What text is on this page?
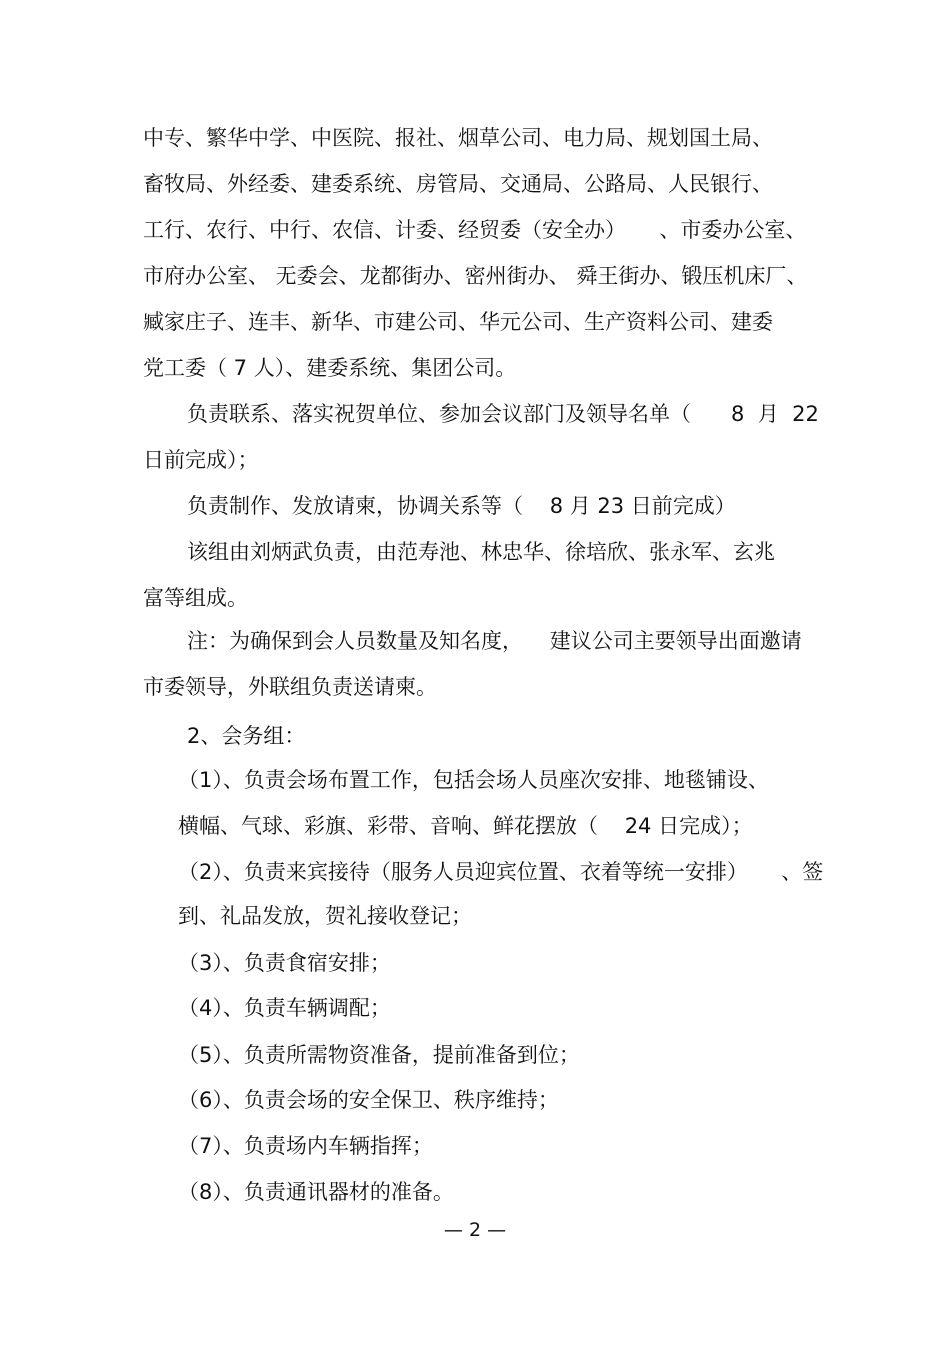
中专、繁华中学、中医院、报社、烟草公司、电力局、规划国土局、
畜牧局、外经委、建委系统、房管局、交通局、公路局、人民银行、
工行、农行、中行、农信、计委、经贸委（安全办）     、市委办公室、
市府办公室、 无委会、龙都街办、密州街办、 舜王街办、锻压机床厂、
臧家庄子、连丰、新华、市建公司、华元公司、生产资料公司、建委
党工委（ 7 人）、建委系统、集团公司。
负责联系、落实祝贺单位、参加会议部门及领导名单（      8  月  22
日前完成）；
负责制作、发放请柬，协调关系等（    8 月 23 日前完成）
该组由刘炳武负责，由范寿池、林忠华、徐培欣、张永军、玄兆
富等组成。
注：为确保到会人员数量及知名度，    建议公司主要领导出面邀请
市委领导，外联组负责送请柬。
2、会务组：
（1）、负责会场布置工作，包括会场人员座次安排、地毯铺设、
横幅、气球、彩旗、彩带、音响、鲜花摆放（    24 日完成）；
（2）、负责来宾接待（服务人员迎宾位置、衣着等统一安排）     、签
到、礼品发放，贺礼接收登记；
（3）、负责食宿安排；
（4）、负责车辆调配；
（5）、负责所需物资准备，提前准备到位；
（6）、负责会场的安全保卫、秩序维持；
（7）、负责场内车辆指挥；
（8）、负责通讯器材的准备。
— 2 —
